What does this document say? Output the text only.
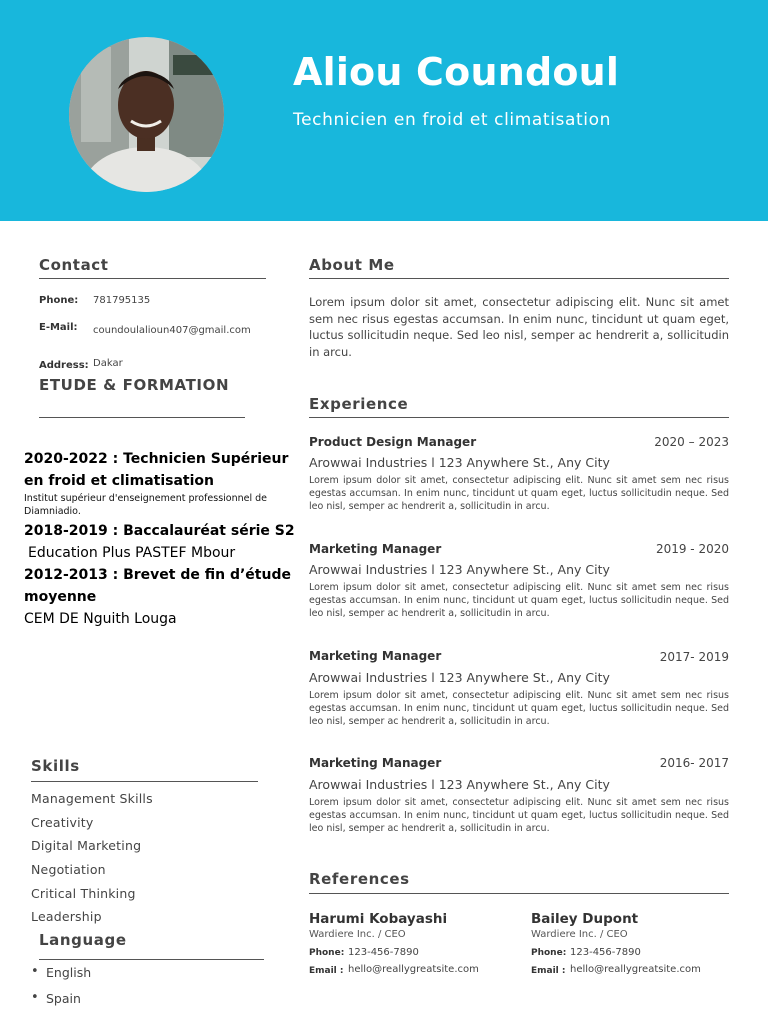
Aliou Coundoul
Technicien en froid et climatisation
Contact
Phone: 781795135
E-Mail: coundoulalioun407@gmail.com
Address: Dakar
ETUDE & FORMATION
2020-2022 : Technicien Supérieur en froid et climatisation
Institut supérieur d'enseignement professionnel de Diamniadio.
2018-2019 : Baccalauréat série S2
Education Plus PASTEF Mbour
2012-2013 : Brevet de fin d’étude moyenne
CEM DE Nguith Louga
Skills
Management Skills
Creativity
Digital Marketing
Negotiation
Critical Thinking
Leadership
Language
• English
• Spain
About Me
Lorem ipsum dolor sit amet, consectetur adipiscing elit. Nunc sit amet sem nec risus egestas accumsan. In enim nunc, tincidunt ut quam eget, luctus sollicitudin neque. Sed leo nisl, semper ac hendrerit a, sollicitudin in arcu.
Experience
Product Design Manager	2020 – 2023
Arowwai Industries l 123 Anywhere St., Any City
Lorem ipsum dolor sit amet, consectetur adipiscing elit. Nunc sit amet sem nec risus egestas accumsan. In enim nunc, tincidunt ut quam eget, luctus sollicitudin neque. Sed leo nisl, semper ac hendrerit a, sollicitudin in arcu.
Marketing Manager	2019 - 2020
Arowwai Industries l 123 Anywhere St., Any City
Lorem ipsum dolor sit amet, consectetur adipiscing elit. Nunc sit amet sem nec risus egestas accumsan. In enim nunc, tincidunt ut quam eget, luctus sollicitudin neque. Sed leo nisl, semper ac hendrerit a, sollicitudin in arcu.
Marketing Manager	2017- 2019
Arowwai Industries l 123 Anywhere St., Any City
Lorem ipsum dolor sit amet, consectetur adipiscing elit. Nunc sit amet sem nec risus egestas accumsan. In enim nunc, tincidunt ut quam eget, luctus sollicitudin neque. Sed leo nisl, semper ac hendrerit a, sollicitudin in arcu.
Marketing Manager	2016- 2017
Arowwai Industries l 123 Anywhere St., Any City
Lorem ipsum dolor sit amet, consectetur adipiscing elit. Nunc sit amet sem nec risus egestas accumsan. In enim nunc, tincidunt ut quam eget, luctus sollicitudin neque. Sed leo nisl, semper ac hendrerit a, sollicitudin in arcu.
References
Harumi Kobayashi
Wardiere Inc. / CEO
Phone: 123-456-7890
Email : hello@reallygreatsite.com
Bailey Dupont
Wardiere Inc. / CEO
Phone: 123-456-7890
Email : hello@reallygreatsite.com
